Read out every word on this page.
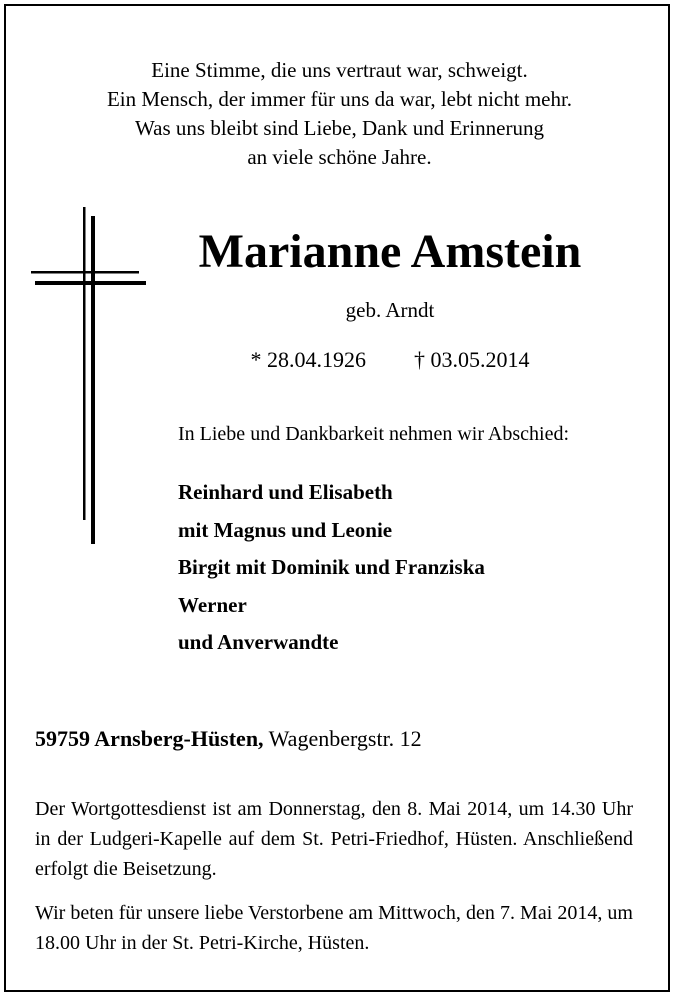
Eine Stimme, die uns vertraut war, schweigt.
Ein Mensch, der immer für uns da war, lebt nicht mehr.
Was uns bleibt sind Liebe, Dank und Erinnerung
an viele schöne Jahre.
Marianne Amstein
geb. Arndt
* 28.04.1926 † 03.05.2014
In Liebe und Dankbarkeit nehmen wir Abschied:
Reinhard und Elisabeth
mit Magnus und Leonie
Birgit mit Dominik und Franziska
Werner
und Anverwandte
59759 Arnsberg-Hüsten, Wagenbergstr. 12
Der Wortgottesdienst ist am Donnerstag, den 8. Mai 2014, um 14.30 Uhr in der Ludgeri-Kapelle auf dem St. Petri-Friedhof, Hüsten. Anschließend erfolgt die Beisetzung.
Wir beten für unsere liebe Verstorbene am Mittwoch, den 7. Mai 2014, um 18.00 Uhr in der St. Petri-Kirche, Hüsten.
